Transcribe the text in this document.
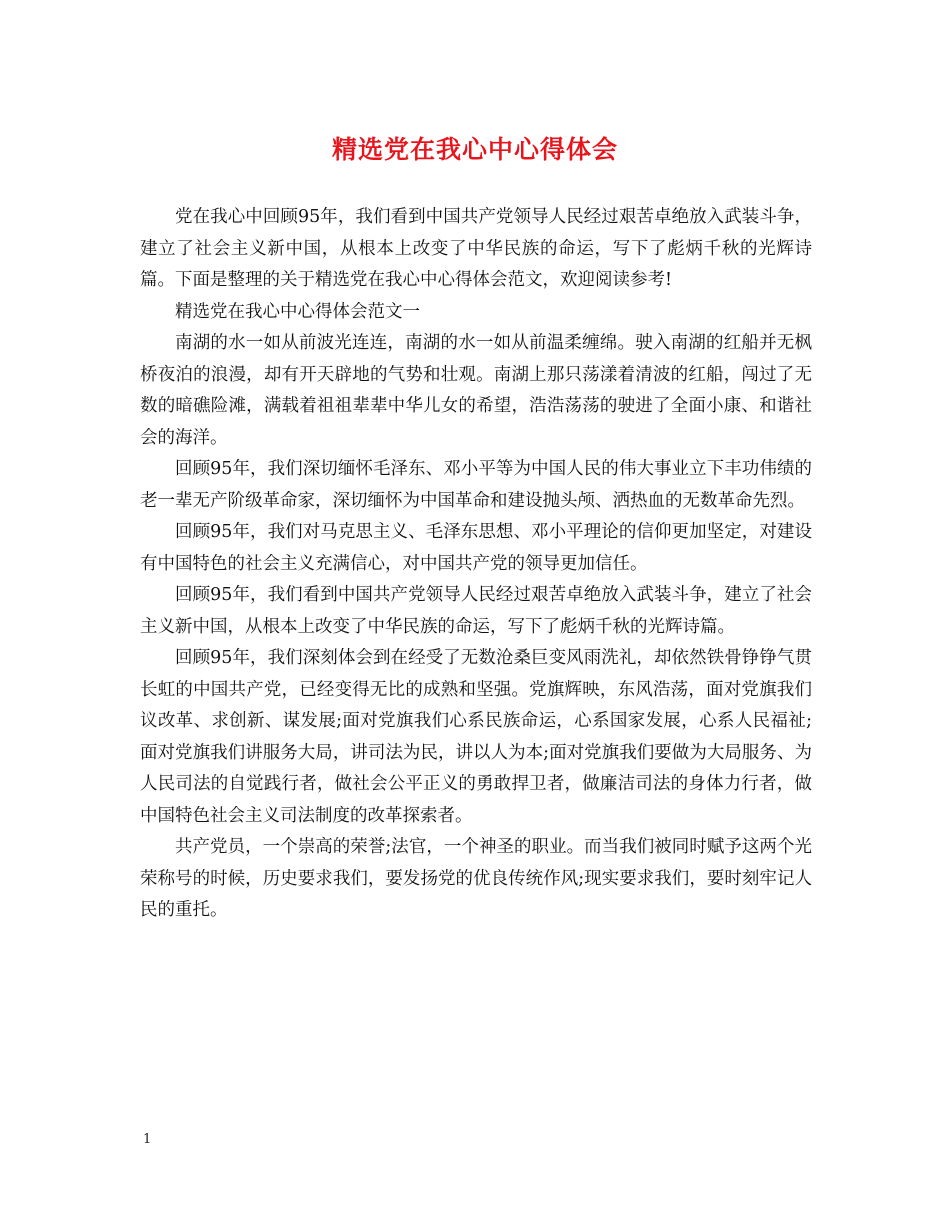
精选党在我心中心得体会

党在我心中回顾95年，我们看到中国共产党领导人民经过艰苦卓绝放入武装斗争，建立了社会主义新中国，从根本上改变了中华民族的命运，写下了彪炳千秋的光辉诗篇。下面是整理的关于精选党在我心中心得体会范文，欢迎阅读参考!

精选党在我心中心得体会范文一

南湖的水一如从前波光连连，南湖的水一如从前温柔缠绵。驶入南湖的红船并无枫桥夜泊的浪漫，却有开天辟地的气势和壮观。南湖上那只荡漾着清波的红船，闯过了无数的暗礁险滩，满载着祖祖辈辈中华儿女的希望，浩浩荡荡的驶进了全面小康、和谐社会的海洋。

回顾95年，我们深切缅怀毛泽东、邓小平等为中国人民的伟大事业立下丰功伟绩的老一辈无产阶级革命家，深切缅怀为中国革命和建设抛头颅、洒热血的无数革命先烈。

回顾95年，我们对马克思主义、毛泽东思想、邓小平理论的信仰更加坚定，对建设有中国特色的社会主义充满信心，对中国共产党的领导更加信任。

回顾95年，我们看到中国共产党领导人民经过艰苦卓绝放入武装斗争，建立了社会主义新中国，从根本上改变了中华民族的命运，写下了彪炳千秋的光辉诗篇。

回顾95年，我们深刻体会到在经受了无数沧桑巨变风雨洗礼，却依然铁骨铮铮气贯长虹的中国共产党，已经变得无比的成熟和坚强。党旗辉映，东风浩荡，面对党旗我们议改革、求创新、谋发展;面对党旗我们心系民族命运，心系国家发展，心系人民福祉;面对党旗我们讲服务大局，讲司法为民，讲以人为本;面对党旗我们要做为大局服务、为人民司法的自觉践行者，做社会公平正义的勇敢捍卫者，做廉洁司法的身体力行者，做中国特色社会主义司法制度的改革探索者。

共产党员，一个崇高的荣誉;法官，一个神圣的职业。而当我们被同时赋予这两个光荣称号的时候，历史要求我们，要发扬党的优良传统作风;现实要求我们，要时刻牢记人民的重托。

1
